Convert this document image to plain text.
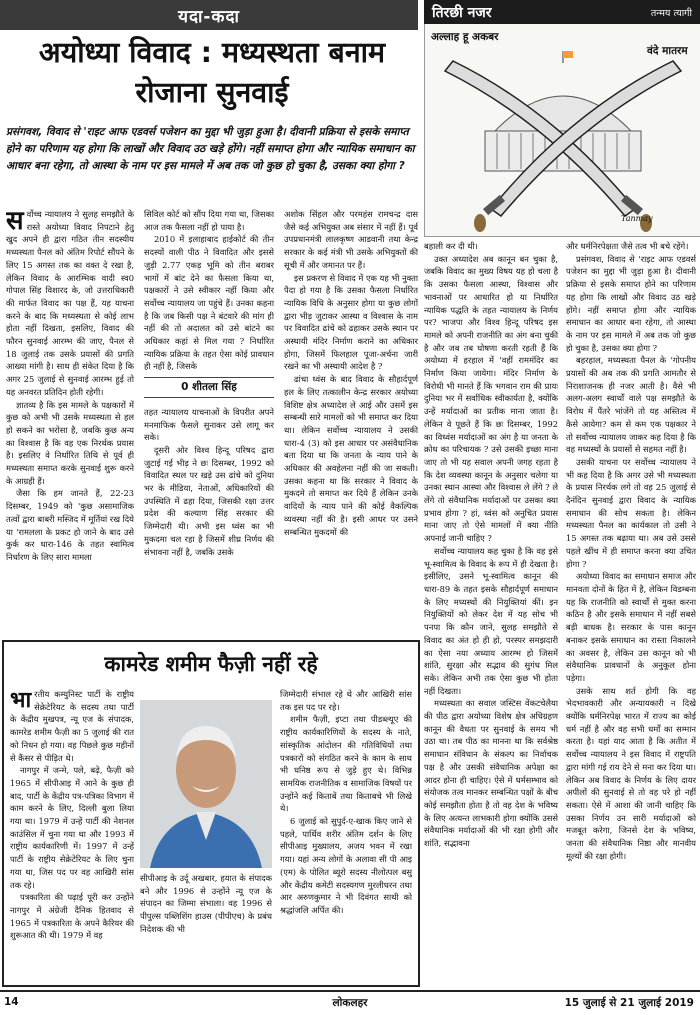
यदा-कदा
अयोध्या विवाद : मध्यस्थता बनाम
रोजाना सुनवाई
प्रसंगवश, विवाद से 'राइट आफ एडवर्स पजेशन का मुद्दा भी जुड़ा हुआ है। दीवानी प्रक्रिया से इसके समाप्त होने का परिणाम यह होगा कि लाखों और विवाद उठ खड़े होंगे। नहीं समाप्त होगा और न्यायिक समाधान का आधार बना रहेगा, तो आस्था के नाम पर इस मामले में अब तक जो कुछ हो चुका है, उसका क्या होगा ?

सर्वोच्च न्यायालय ने सुलह समझौते के रास्ते अयोध्या विवाद निपटाने हेतु खुद अपने ही द्वारा गठित तीन सदस्यीय मध्यस्थता पैनल को अंतिम रिपोर्ट सौंपने के लिए 15 अगस्त तक का वक्त दे रखा है, लेकिन विवाद के आरम्भिक वादी स्व0 गोपाल सिंह विशारद के, जो उत्तराधिकारी की मार्फत विवाद का पक्ष हैं, यह याचना करने के बाद कि मध्यस्थता से कोई लाभ होता नहीं दिखता, इसलिए, विवाद की फौरन सुनवाई आरम्भ की जाए, पैनल से 18 जुलाई तक उसके प्रयासों की प्रगति आख्या मांगी है। साथ ही संकेत दिया है कि अगर 25 जुलाई से सुनवाई आरम्भ हुई तो यह अनवरत प्रतिदिन होती रहेगी।

ज्ञातव्य है कि इस मामले के पक्षकारों में कुछ को अभी भी उसके मध्यस्थता से हल हो सकने का भरोसा है, जबकि कुछ अन्य का विश्वास है कि वह एक निरर्थक प्रयास है। इसलिए वे निर्धारित तिथि से पूर्व ही मध्यस्थता समाप्त करके सुनवाई शुरू करने के आग्रही हैं।

जैसा कि हम जानते हैं, 22-23 दिसम्बर, 1949 को 'कुछ असामाजिक तत्वों द्वारा बाबरी मस्जिद में मूर्तियां रख दिये या 'रामलला के प्रकट हो जाने के बाद उसे कुर्क कर धारा-146 के तहत स्वामित्व निर्धारण के लिए सारा मामला

सिविल कोर्ट को सौंप दिया गया था, जिसका आज तक फैसला नहीं हो पाया है।

2010 में इलाहाबाद हाईकोर्ट की तीन सदस्यों वाली पीठ ने विवादित और इससे जुड़ी 2.77 एकड़ भूमि को तीन बराबर भागों में बांट देने का फैसला किया था, पक्षकारों ने उसे स्वीकार नहीं किया और सर्वोच्च न्यायालय जा पहुंचे हैं। उनका कहना है कि जब किसी पक्ष ने बंटवारे की मांग ही नहीं की तो अदालत को उसे बांटने का अधिकार कहां से मिल गया ? निर्धारित न्यायिक प्रक्रिया के तहत ऐसा कोई प्रावधान ही नहीं है, जिसके

0 शीतला सिंह

तहत न्यायालय याचनाओं के विपरीत अपने मनमाफिक फैसले सुनाकर उसे लागू कर सके।

दूसरी ओर विश्व हिन्दू परिषद द्वारा जुटाई गई भीड़ ने छः दिसम्बर, 1992 को विवादित स्थल पर खड़े उस ढांचे को दुनिया भर के मीडिया, नेताओं, अधिकारियों की उपस्थिति में ढहा दिया, जिसकी रक्षा उत्तर प्रदेश की कल्याण सिंह सरकार की जिम्मेदारी थी। अभी इस ध्वंस का भी मुकदमा चल रहा है जिसमें शीघ्र निर्णय की संभावना नहीं है, जबकि उसके

अशोक सिंहल और परमहंस रामचन्द्र दास जैसे कई अभियुक्त अब संसार में नहीं हैं। पूर्व उपप्रधानमंत्री लालकृष्ण आडवानी तथा केन्द्र सरकार के कई मंत्री भी उसके अभियुक्तों की सूची में और जमानत पर हैं।

इस प्रकरण से विवाद में एक यह भी नुक्ता पैदा हो गया है कि उसका फैसला निर्धारित न्यायिक विधि के अनुसार होगा या कुछ लोगों द्वारा भीड़ जुटाकर आस्था व विश्वास के नाम पर विवादित ढांचे को ढहाकर उसके स्थान पर अस्थायी मंदिर निर्माण कराने का अधिकार होगा, जिसमें फिलहाल पूजा-अर्चना जारी रखने का भी अस्थायी आदेश है ?

ढांचा ध्वंस के बाद विवाद के सौहार्दपूर्ण हल के लिए तत्कालीन केन्द्र सरकार अयोध्या विशिष्ट क्षेत्र अध्यादेश ले आई और उसमें इस सम्बन्धी सारे मामलों को भी समाप्त कर दिया था। लेकिन सर्वोच्च न्यायालय ने उसकी धारा-4 (3) को इस आधार पर असंवैधानिक बता दिया था कि जनता के न्याय पाने के अधिकार की अवहेलना नहीं की जा सकती। उसका कहना था कि सरकार ने विवाद के मुकदमे तो समाप्त कर दिये हैं लेकिन उनके वादियों के न्याय पाने की कोई वैकल्पिक व्यवस्था नहीं की है। इसी आधर पर उसने सम्बन्धित मुकदमों की

अल्लाह हू अकबर
वंदे मातरम
Tanmay
तिरछी नजर	तन्मय त्यागी

बहाली कर दी थी।

उक्त अध्यादेश अब कानून बन चुका है, जबकि विवाद का मुख्य विषय यह हो चला है कि उसका फैसला आस्था, विश्वास और भावनाओं पर आधारित हो या निर्धारित न्यायिक पद्धति के तहत न्यायालय के निर्णय पर? भाजपा और विश्व हिन्दू परिषद इस मामले को अपनी राजनीति का अंग बना चुकी है और जब तब घोषणा करती रहती हैं कि अयोध्या में हरहाल में 'वहीं राममंदिर का निर्माण किया जायेगा। मंदिर निर्माण के विरोधी भी मानते हैं कि भगवान राम की प्रायः दुनिया भर में सर्वाधिक स्वीकार्यता है, क्योंकि उन्हें मर्यादाओं का प्रतीक माना जाता है। लेकिन वे पूछते हैं कि छः दिसम्बर, 1992 का विध्वंस मर्यादाओं का अंग है या जनता के क्रोध का परिचायक ? उसे उसकी इच्छा माना जाए तो भी यह सवाल अपनी जगह रहता है कि देश व्यवस्था कानून के अनुसार चलेगा या उनका स्थान आस्था और विश्वास ले लेंगे ? ले लेंगे तो संवैधानिक मर्यादाओं पर उसका क्या प्रभाव होगा ? हां, ध्वंस को अनुचित प्रयास माना जाए तो ऐसे मामलों में क्या नीति अपनाई जानी चाहिए ?

सर्वोच्च न्यायालय कह चुका है कि वह इसे भू-स्वामित्व के विवाद के रूप में ही देखता है। इसीलिए, उसने भू-स्वामित्व कानून की धारा-89 के तहत इसके सौहार्दपूर्ण समाधान के लिए मध्यस्थों की नियुक्तियां कीं। इन नियुक्तियों को लेकर देश में यह सोच भी पनपा कि कौन जाने, सुलह समझौते से विवाद का अंत हो ही हो, परस्पर समझदारी का ऐसा नया अध्याय आरम्भ हो जिसमें शांति, सुरक्षा और सद्भाव की सुगंध मिल सके। लेकिन अभी तक ऐसा कुछ भी होता नहीं दिखता।

मध्यस्थता का सवाल जस्टिस वेंकटचेलैया की पीठ द्वारा अयोध्या विशेष क्षेत्र अधिग्रहण कानून की वैधता पर सुनवाई के समय भी उठा था। तब पीठ का मानना था कि सर्वश्रेष्ठ समाधान संविधान के संकल्प का निर्वाचक पक्ष है और उसकी संवैधानिक अपेक्षा का आदर होना ही चाहिए। ऐसे में धर्मसम्भाव को संयोजक तत्व मानकर सम्बन्धित पक्षों के बीच कोई समझौता होता है तो वह देश के भविष्य के लिए अत्यन्त लाभकारी होगा क्योंकि उससे संवैधानिक मर्यादाओं की भी रक्षा होगी और शांति, सद्भावना

और धर्मनिरपेक्षता जैसे तत्व भी बचे रहेंगे।

प्रसंगवश, विवाद से 'राइट आफ एडवर्स पजेशन का मुद्दा भी जुड़ा हुआ है। दीवानी प्रक्रिया से इसके समाप्त होने का परिणाम यह होगा कि लाखों और विवाद उठ खड़े होंगे। नहीं समाप्त होगा और न्यायिक समाधान का आधार बना रहेगा, तो आस्था के नाम पर इस मामले में अब तक जो कुछ हो चुका है, उसका क्या होगा ?

बहरहाल, मध्यस्थता पैनल के 'गोपनीय प्रयासों की अब तक की प्रगति आमतौर से निराशाजनक ही नजर आती है। वैसे भी अलग-अलग स्वार्थों वाले पक्ष समझौते के विरोध में पैंतरे भांजेंगे तो यह अस्तित्व में कैसे आयेगा? कम से कम एक पक्षकार ने तो सर्वोच्च न्यायालय जाकर कह दिया है कि वह मध्यस्थों के प्रयासों से सहमत नहीं है।

उसकी याचना पर सर्वोच्च न्यायालय ने भी कह दिया है कि अगर उसे भी मध्यस्थता के प्रयास निरर्थक लगे तो वह 25 जुलाई से दैनंदिन सुनवाई द्वारा विवाद के न्यायिक समाधान की सोच सकता है। लेकिन मध्यस्थता पैनल का कार्यकाल तो उसी ने 15 अगस्त तक बढ़ाया था। अब उसे उससे पहले खींच में ही समाप्त करना क्या उचित होगा ?

अयोध्या विवाद का समाधान समाज और मानवता दोनों के हित में है, लेकिन विडम्बना यह कि राजनीति को स्वार्थों से मुक्त करना कठिन है और इसके समाधान में नहीं सबसे बड़ी बाधक है। सरकार के पास कानून बनाकर इसके समाधान का रास्ता निकालने का अवसर है, लेकिन उस कानून को भी संवैधानिक प्रावधानों के अनुकूल होना पड़ेगा।

उसके साथ शर्त होगी कि वह भेदभावकारी और अन्यायकारी न दिखे क्योंकि धर्मनिरपेक्ष भारत में राज्य का कोई धर्म नहीं है और वह सभी धर्मों का सम्मान करता है। यहां याद आता है कि अतीत में सर्वोच्च न्यायालय ने इस विवाद में राष्ट्रपति द्वारा मांगी गई राय देने से मना कर दिया था। लेकिन अब विवाद के निर्णय के लिए दायर अपीलों की सुनवाई से तो वह परे हो नहीं सकता। ऐसे में आशा की जानी चाहिए कि उसका निर्णय उन सारी मर्यादाओं को मजबूत करेगा, जिनसे देश के भविष्य, जनता की संवैधानिक निष्ठा और मानवीय मूल्यों की रक्षा होगी।

कामरेड शमीम फैज़ी नहीं रहे

भारतीय कम्युनिस्ट पार्टी के राष्ट्रीय सेक्रेटेरियट के सदस्य तथा पार्टी के केंद्रीय मुखपत्र, न्यू एज के संपादक, कामरेड शमीम फैज़ी का 5 जुलाई की रात को निधन हो गया। वह पिछले कुछ महीनों से कैंसर से पीड़ित थे।

नागपुर में जन्मे, पले, बढ़े, फैज़ी को 1965 में सीपीआइ में आने के कुछ ही बाद, पार्टी के केंद्रीय पत्र-पत्रिका विभाग में काम करने के लिए, दिल्ली बुला लिया गया था। 1979 में उन्हें पार्टी की नेशनल काउंसिल में चुना गया था और 1993 में राष्ट्रीय कार्यकारिणी में। 1997 में उन्हें पार्टी के राष्ट्रीय सेक्रेटेरियट के लिए चुना गया था, जिस पद पर वह आखिरी सांस तक रहे।

पत्रकारिता की पढ़ाई पूरी कर उन्होंने नागपुर में अंग्रेजी दैनिक हितवाद से 1965 में पत्रकारिता के अपने कैरियर की शुरूआत की थी। 1979 में वह

सीपीआइ के उर्दू अखबार, हयात के संपादक बने और 1996 से उन्होंने न्यू एज के संपादन का जिम्मा संभाला। वह 1996 से पीपुल्स पब्लिशिंग हाउस (पीपीएच) के प्रबंध निदेशक की भी

जिम्मेदारी संभाल रहे थे और आखिरी सांस तक इस पद पर रहे।

शमीम फैज़ी, इप्टा तथा पीडब्ल्यूए की राष्ट्रीय कार्यकारिणियों के सदस्य के नाते, सांस्कृतिक आंदोलन की गतिविधियों तथा पत्रकारों को संगठित करने के काम के साथ भी घनिष्ठ रूप से जुड़े हुए थे। विभिन्न सामयिक राजनीतिक व सामाजिक विषयों पर उन्होंने कई किताबें तथा किताबचे भी लिखे थे।

6 जुलाई को सुपुर्द-ए-खाक किए जाने से पहले, पार्थिव शरीर अंतिम दर्शन के लिए सीपीआइ मुख्यालय, अजय भवन में रखा गया। यहां अन्य लोगों के अलावा सी पी आइ (एम) के पोलित ब्यूरो सदस्य नीलोत्पल बसु और केंद्रीय कमेटी सदस्यगण मुरलीधरन तथा आर अरुणकुमार ने भी दिवंगत साथी को श्रद्धांजलि अर्पित की।

14	लोकलहर	15 जुलाई से 21 जुलाई 2019
